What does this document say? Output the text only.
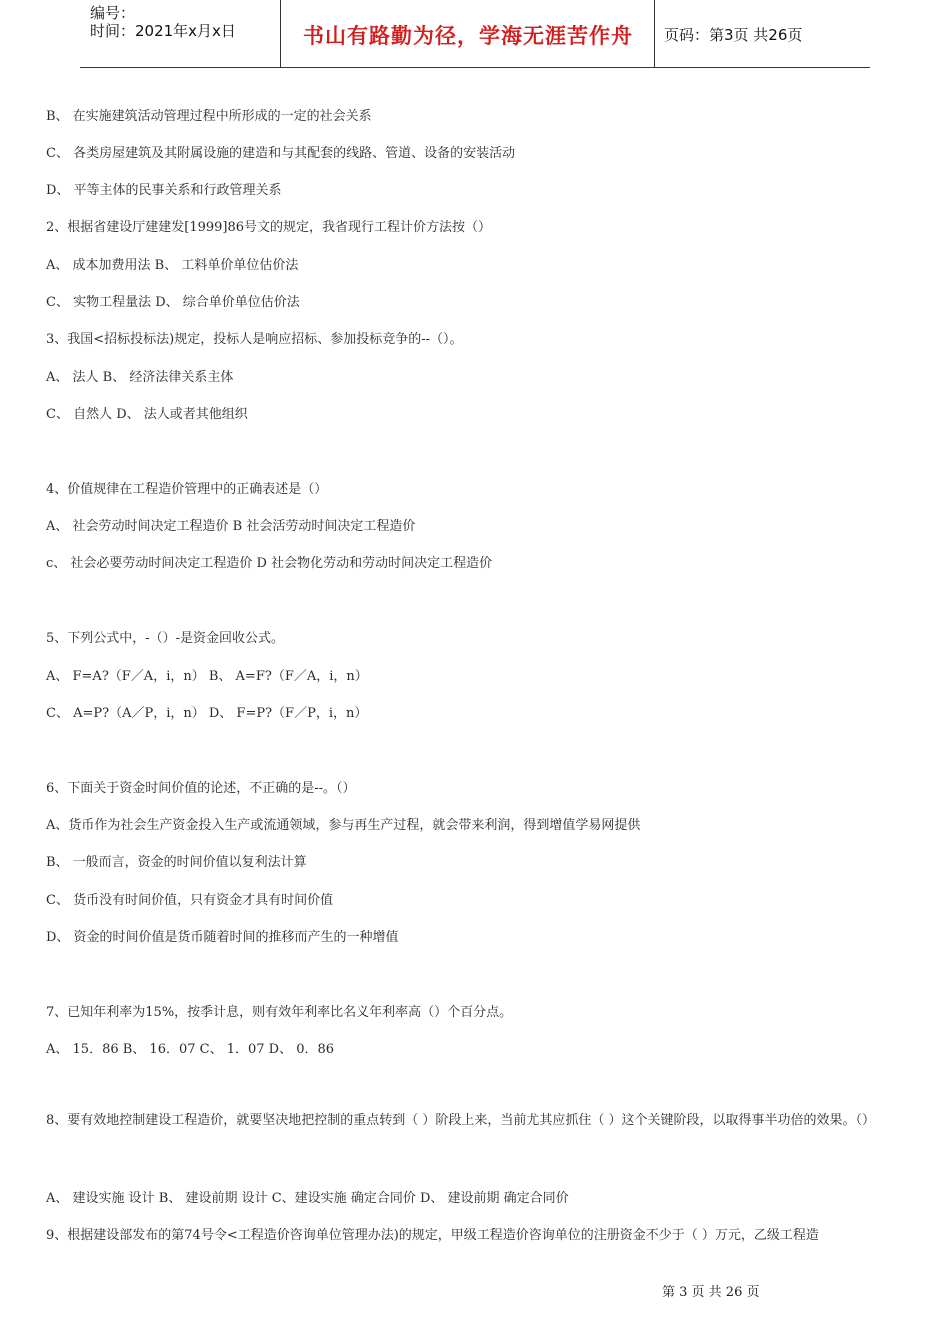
编号：
时间：2021年x月x日	书山有路勤为径，学海无涯苦作舟	页码：第3页 共26页
B、 在实施建筑活动管理过程中所形成的一定的社会关系
C、 各类房屋建筑及其附属设施的建造和与其配套的线路、管道、设备的安装活动
D、 平等主体的民事关系和行政管理关系
2、根据省建设厅建建发[1999]86号文的规定，我省现行工程计价方法按（）
A、 成本加费用法 B、 工料单价单位估价法
C、 实物工程量法 D、 综合单价单位估价法
3、我国<招标投标法)规定，投标人是响应招标、参加投标竞争的--（）。
A、 法人 B、 经济法律关系主体
C、 自然人 D、 法人或者其他组织
4、价值规律在工程造价管理中的正确表述是（）
A、 社会劳动时间决定工程造价 B 社会活劳动时间决定工程造价
c、 社会必要劳动时间决定工程造价 D 社会物化劳动和劳动时间决定工程造价
5、下列公式中，-（）-是资金回收公式。
A、 F=A?（F／A，i，n） B、 A=F?（F／A，i，n）
C、 A=P?（A／P，i，n） D、 F=P?（F／P，i，n）
6、下面关于资金时间价值的论述，不正确的是--。（）
A、货币作为社会生产资金投入生产或流通领域，参与再生产过程，就会带来利润，得到增值学易网提供
B、 一般而言，资金的时间价值以复利法计算
C、 货币没有时间价值，只有资金才具有时间价值
D、 资金的时间价值是货币随着时间的推移而产生的一种增值
7、已知年利率为15%，按季计息，则有效年利率比名义年利率高（）个百分点。
A、 15．86 B、 16．07 C、 1．07 D、 0．86
8、要有效地控制建设工程造价，就要坚决地把控制的重点转到（ ）阶段上来，当前尤其应抓住（ ）这个关键阶段，以取得事半功倍的效果。（）
A、 建设实施 设计 B、 建设前期 设计 C、建设实施 确定合同价 D、 建设前期 确定合同价
9、根据建设部发布的第74号令<工程造价咨询单位管理办法)的规定，甲级工程造价咨询单位的注册资金不少于（ ）万元，乙级工程造
第 3 页 共 26 页
